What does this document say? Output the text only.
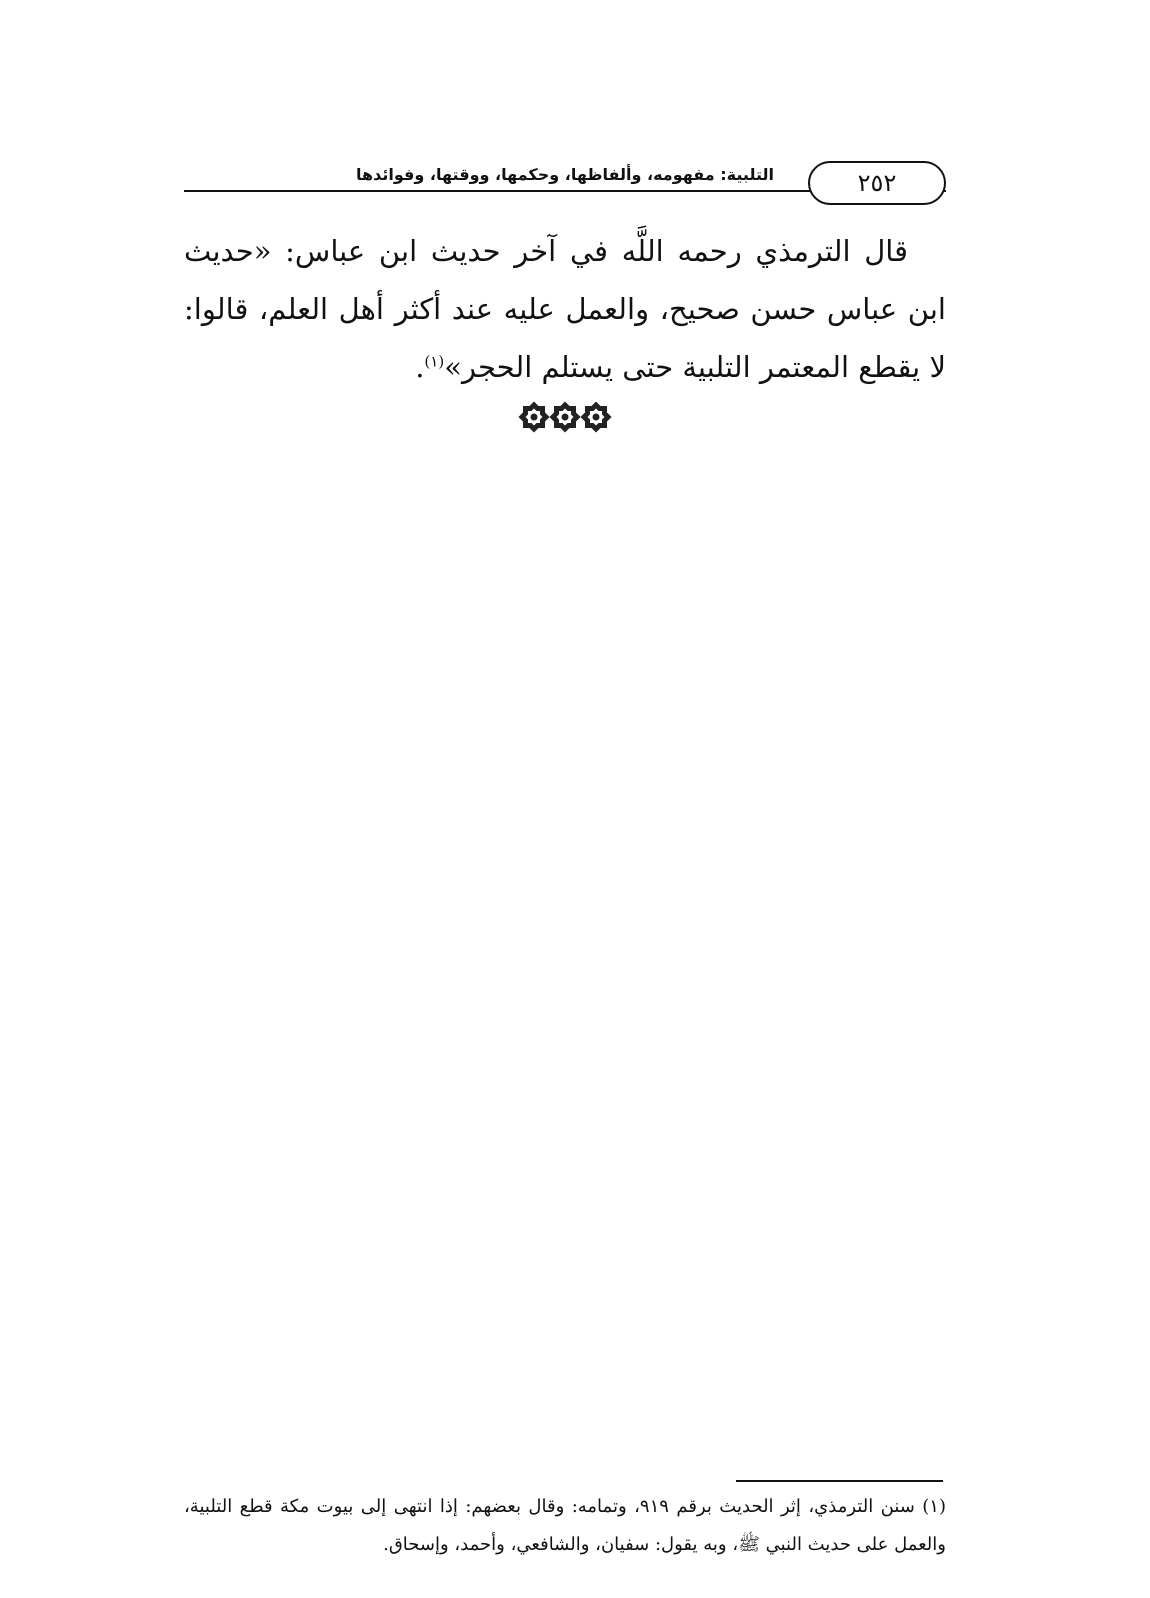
التلبية: مفهومه، وألفاظها، وحكمها، ووقتها، وفوائدها	٢٥٢

قال الترمذي رحمه اللَّه في آخر حديث ابن عباس: «حديث ابن عباس حسن صحيح، والعمل عليه عند أكثر أهل العلم، قالوا: لا يقطع المعتمر التلبية حتى يستلم الحجر»$^{(١)}$.

(١) سنن الترمذي، إثر الحديث برقم ٩١٩، وتمامه: وقال بعضهم: إذا انتهى إلى بيوت مكة قطع التلبية، والعمل على حديث النبي ﷺ، وبه يقول: سفيان، والشافعي، وأحمد، وإسحاق.
